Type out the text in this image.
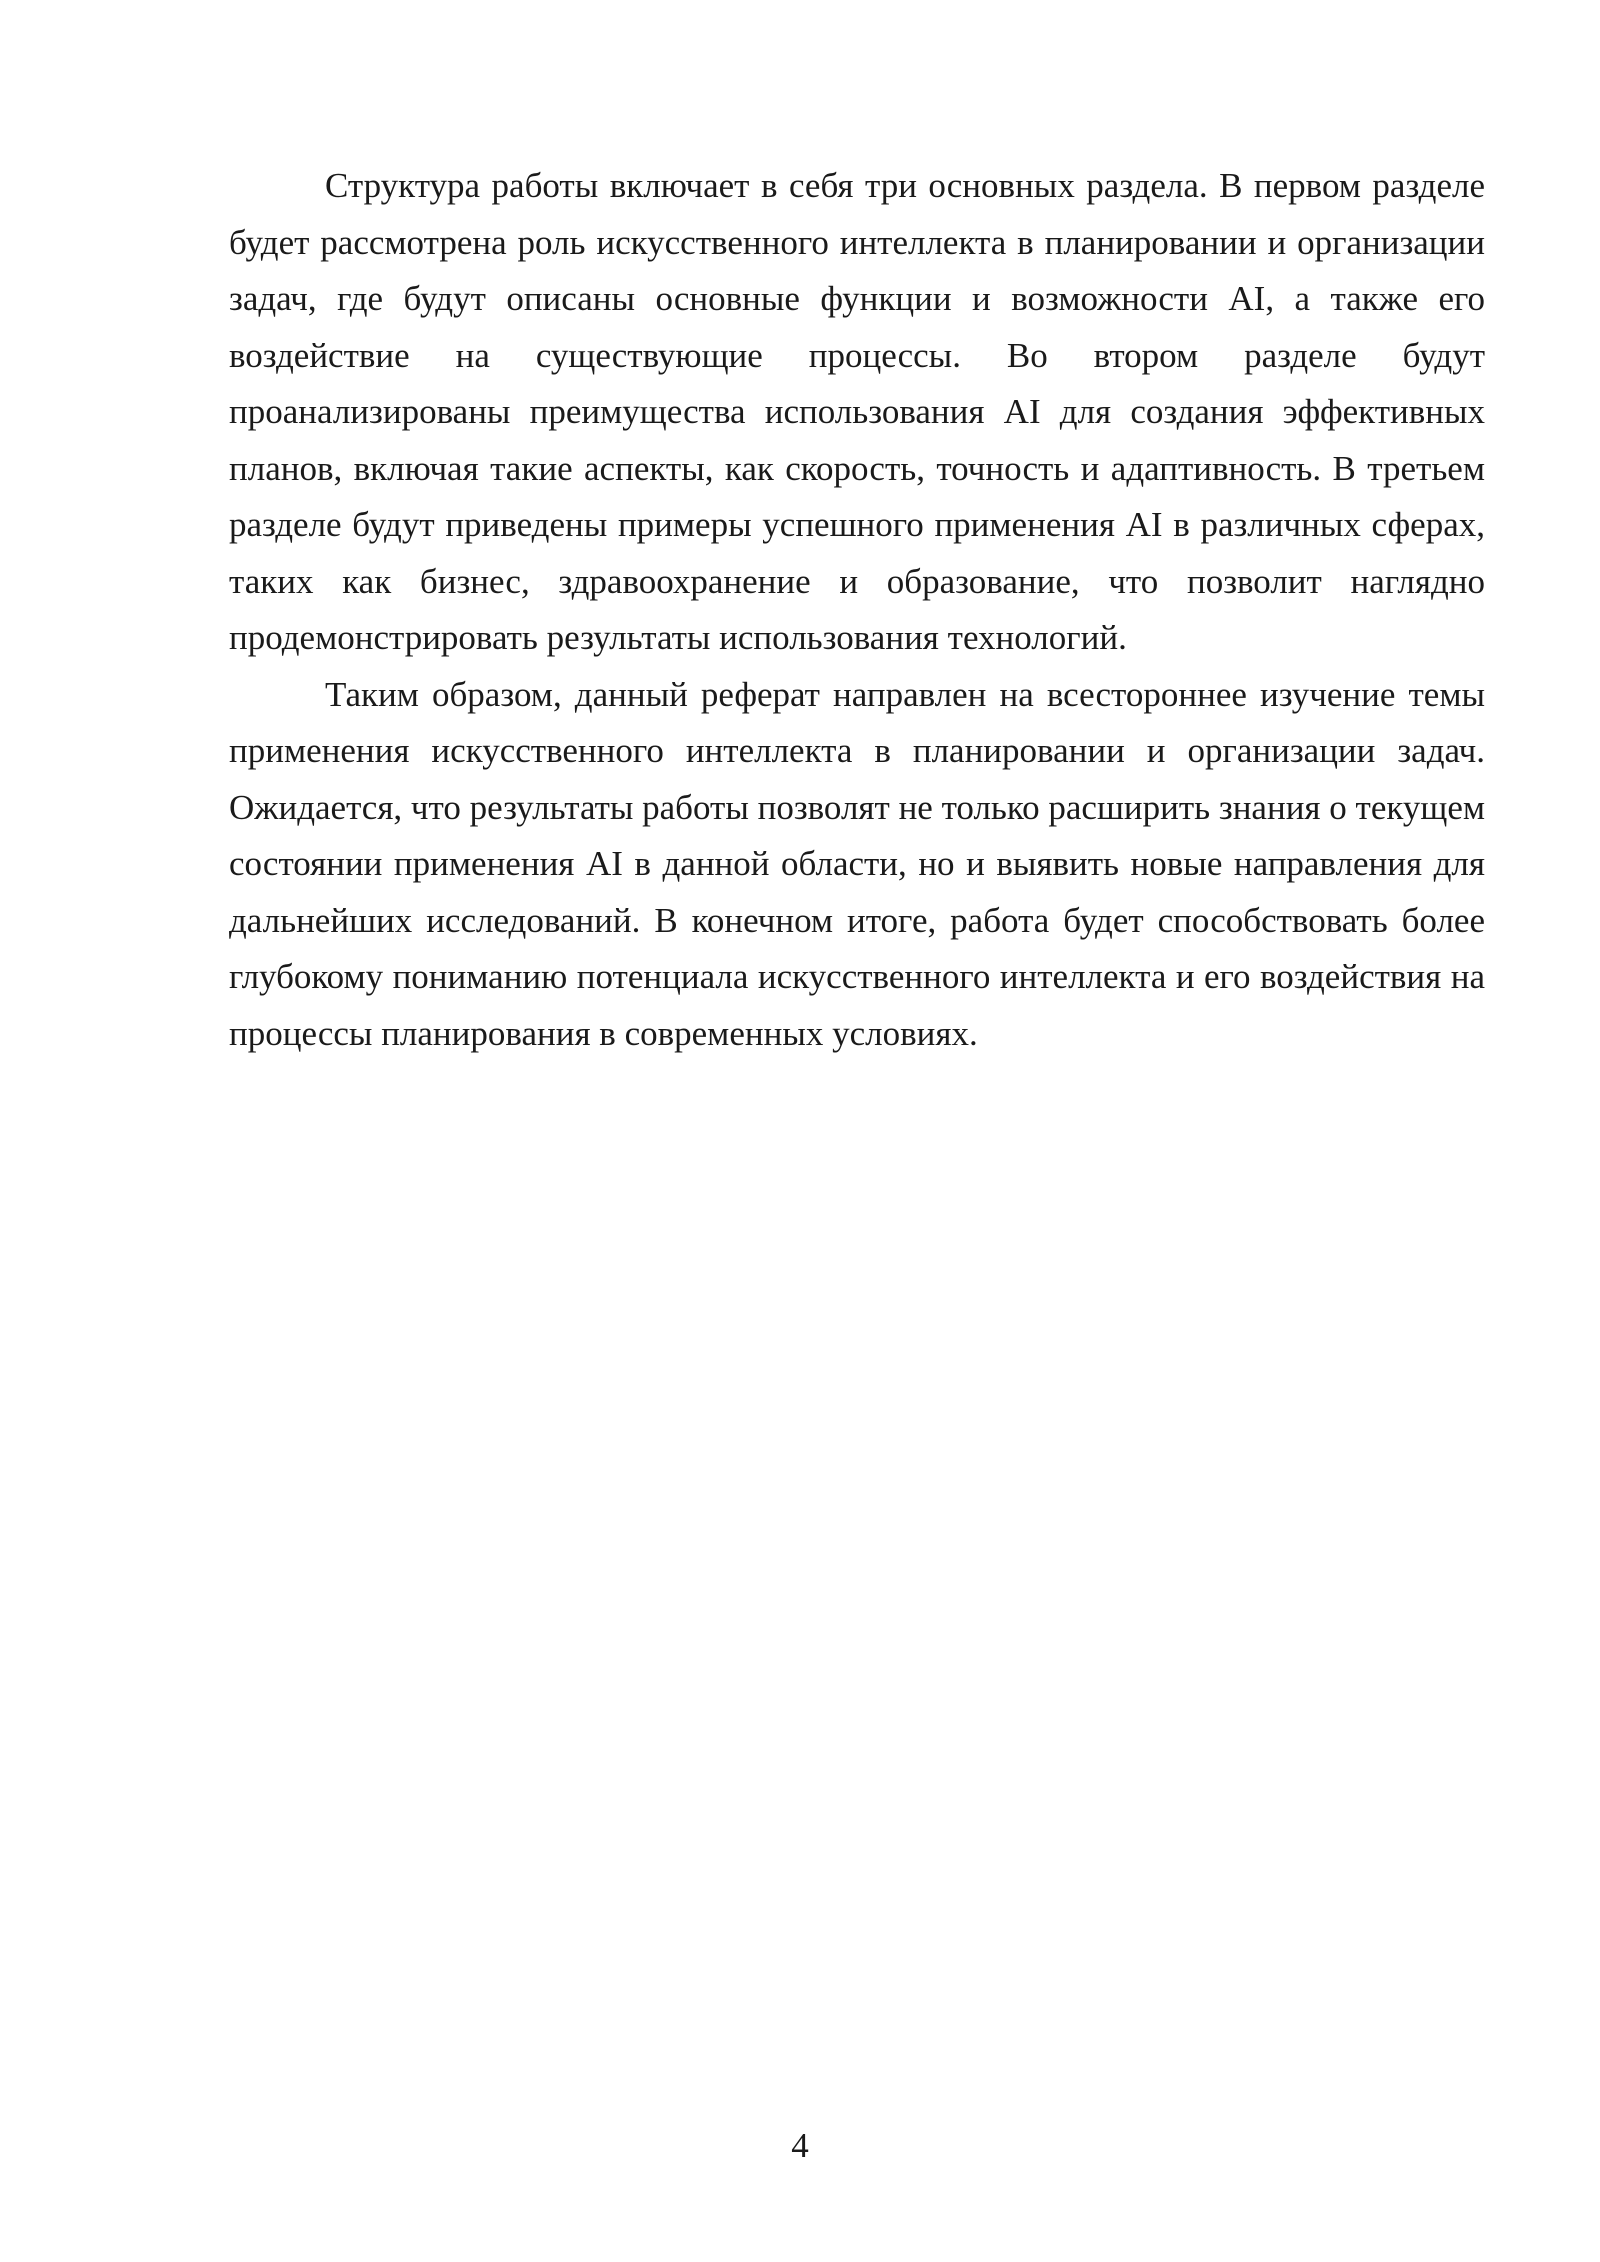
Структура работы включает в себя три основных раздела. В первом разделе будет рассмотрена роль искусственного интеллекта в планировании и организации задач, где будут описаны основные функции и возможности AI, а также его воздействие на существующие процессы. Во втором разделе будут проанализированы преимущества использования AI для создания эффективных планов, включая такие аспекты, как скорость, точность и адаптивность. В третьем разделе будут приведены примеры успешного применения AI в различных сферах, таких как бизнес, здравоохранение и образование, что позволит наглядно продемонстрировать результаты использования технологий.

Таким образом, данный реферат направлен на всестороннее изучение темы применения искусственного интеллекта в планировании и организации задач. Ожидается, что результаты работы позволят не только расширить знания о текущем состоянии применения AI в данной области, но и выявить новые направления для дальнейших исследований. В конечном итоге, работа будет способствовать более глубокому пониманию потенциала искусственного интеллекта и его воздействия на процессы планирования в современных условиях.

4
